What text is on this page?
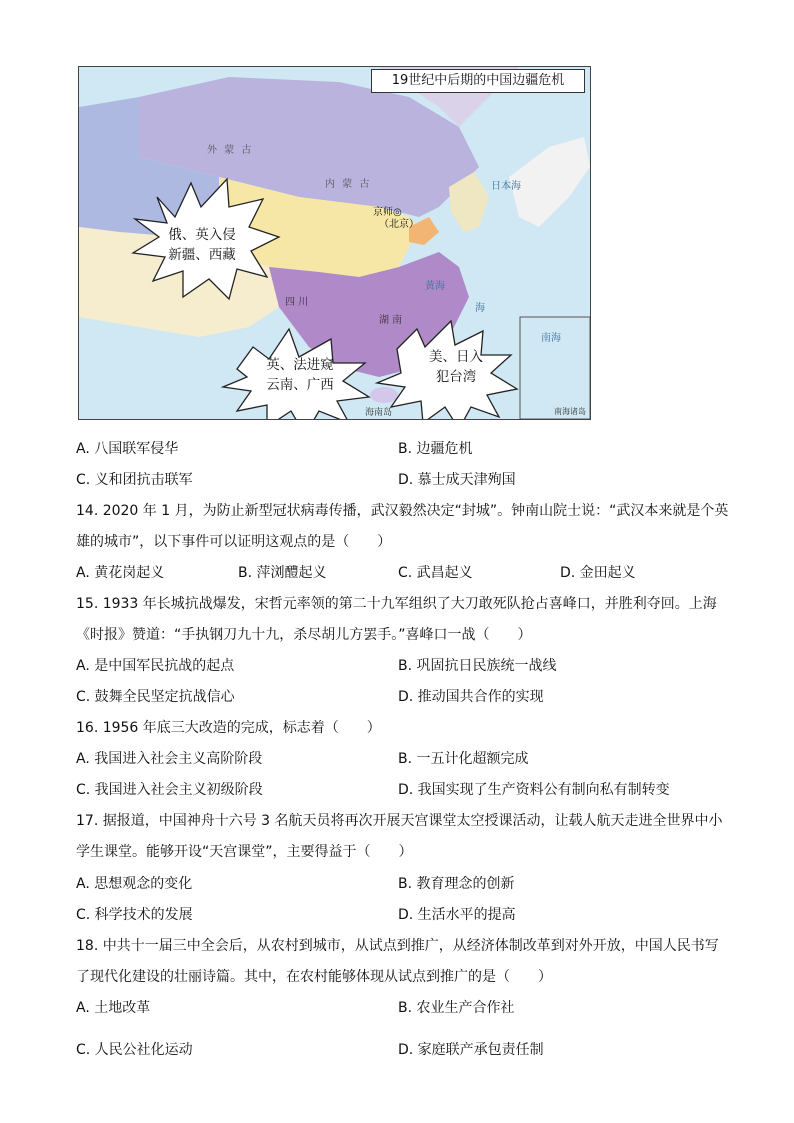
19世纪中后期的中国边疆危机
京师◎
（北京）
日本海
黄海
海
南海
海南岛
外 蒙 古
内 蒙 古
四 川
湖 南
俄、英入侵
新疆、西藏
英、法进窥
云南、广西
美、日入
犯台湾
南海诸岛
A. 八国联军侵华	B. 边疆危机
C. 义和团抗击联军	D. 慕士成天津殉国
14. 2020 年 1 月，为防止新型冠状病毒传播，武汉毅然决定“封城”。钟南山院士说：“武汉本来就是个英
雄的城市”，以下事件可以证明这观点的是（　　）
A. 黄花岗起义	B. 萍浏醴起义	C. 武昌起义	D. 金田起义
15. 1933 年长城抗战爆发，宋哲元率领的第二十九军组织了大刀敢死队抢占喜峰口，并胜利夺回。上海
《时报》赞道：“手执钢刀九十九，杀尽胡儿方罢手。”喜峰口一战（　　）
A. 是中国军民抗战的起点	B. 巩固抗日民族统一战线
C. 鼓舞全民坚定抗战信心	D. 推动国共合作的实现
16. 1956 年底三大改造的完成，标志着（　　）
A. 我国进入社会主义高阶阶段	B. 一五计化超额完成
C. 我国进入社会主义初级阶段	D. 我国实现了生产资料公有制向私有制转变
17. 据报道，中国神舟十六号 3 名航天员将再次开展天宫课堂太空授课活动，让载人航天走进全世界中小
学生课堂。能够开设“天宫课堂”，主要得益于（　　）
A. 思想观念的变化	B. 教育理念的创新
C. 科学技术的发展	D. 生活水平的提高
18. 中共十一届三中全会后，从农村到城市，从试点到推广，从经济体制改革到对外开放，中国人民书写
了现代化建设的壮丽诗篇。其中，在农村能够体现从试点到推广的是（　　）
A. 土地改革	B. 农业生产合作社
C. 人民公社化运动	D. 家庭联产承包责任制
